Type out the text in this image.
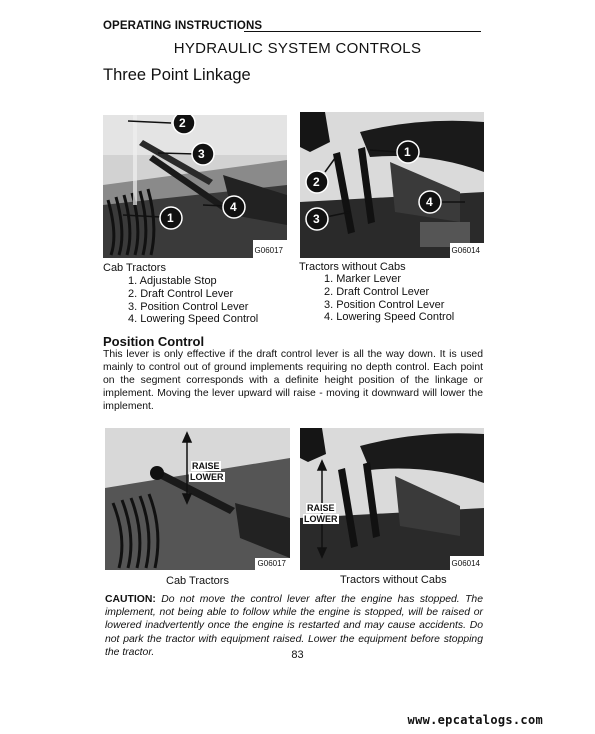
OPERATING INSTRUCTIONS
HYDRAULIC SYSTEM CONTROLS
Three Point Linkage
G06017
2
3
1
4
G06014
1
2
3
4
Cab Tractors
1. Adjustable Stop
2. Draft Control Lever
3. Position Control Lever
4. Lowering Speed Control
Tractors without Cabs
1. Marker Lever
2. Draft Control Lever
3. Position Control Lever
4. Lowering Speed Control
Position Control
This lever is only effective if the draft control lever is all the way down. It is used mainly to control out of ground implements requiring no depth control. Each point on the segment corresponds with a definite height position of the linkage or implement. Moving the lever upward will raise - moving it downward will lower the implement.
RAISE
LOWER
G06017
RAISE
LOWER
G06014
Cab Tractors	Tractors without Cabs
CAUTION: Do not move the control lever after the engine has stopped. The implement, not being able to follow while the engine is stopped, will be raised or lowered inadvertently once the engine is restarted and may cause accidents. Do not park the tractor with equipment raised. Lower the equipment before stopping the tractor.	83
www.epcatalogs.com
